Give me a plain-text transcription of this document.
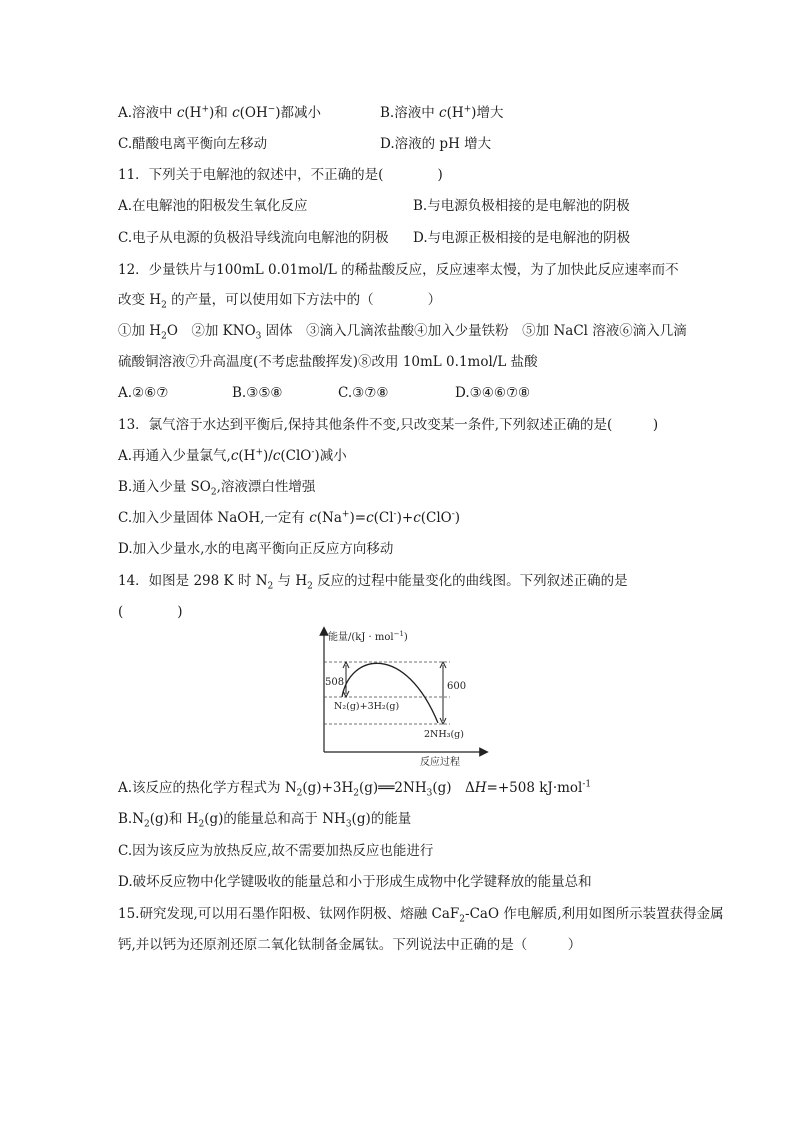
A.溶液中 c(H+)和 c(OH−)都减小	B.溶液中 c(H+)增大
C.醋酸电离平衡向左移动	D.溶液的 pH 增大
11．下列关于电解池的叙述中，不正确的是(　　　　)
A.在电解池的阳极发生氧化反应	B.与电源负极相接的是电解池的阴极
C.电子从电源的负极沿导线流向电解池的阴极 D.与电源正极相接的是电解池的阴极
12．少量铁片与100mL 0.01mol/L 的稀盐酸反应，反应速率太慢，为了加快此反应速率而不
改变 $H_2$ 的产量，可以使用如下方法中的（　　　　）
①加 $H_2O$　②加 $KNO_3$ 固体　③滴入几滴浓盐酸④加入少量铁粉　⑤加 NaCl 溶液⑥滴入几滴
硫酸铜溶液⑦升高温度(不考虑盐酸挥发)⑧改用 10mL 0.1mol/L 盐酸
A.②⑥⑦	B.③⑤⑧	C.③⑦⑧	D.③④⑥⑦⑧
13．氯气溶于水达到平衡后,保持其他条件不变,只改变某一条件,下列叙述正确的是(　　　)
A.再通入少量氯气,c(H+)/c(ClO-)减小
B.通入少量 $SO_2$,溶液漂白性增强
C.加入少量固体 NaOH,一定有 c(Na+)=c(Cl-)+c(ClO-)
D.加入少量水,水的电离平衡向正反应方向移动
14．如图是 298 K 时 $N_2$ 与 $H_2$ 反应的过程中能量变化的曲线图。下列叙述正确的是
(　　　　)
能量/(kJ · mol$^{-1}$)
508	600
N₂(g)+3H₂(g)
2NH₃(g)
反应过程
A.该反应的热化学方程式为 $N_2(g)+3H_2(g)══2NH_3(g)$　ΔH=+508 kJ·mol$^{-1}$
$B.N_2(g)$和 $H_2(g)$的能量总和高于 $NH_3(g)$的能量
C.因为该反应为放热反应,故不需要加热反应也能进行
D.破坏反应物中化学键吸收的能量总和小于形成生成物中化学键释放的能量总和
15.研究发现,可以用石墨作阳极、钛网作阴极、熔融 CaF$_2$-CaO 作电解质,利用如图所示装置获得金属
钙,并以钙为还原剂还原二氧化钛制备金属钛。下列说法中正确的是（　　　）
